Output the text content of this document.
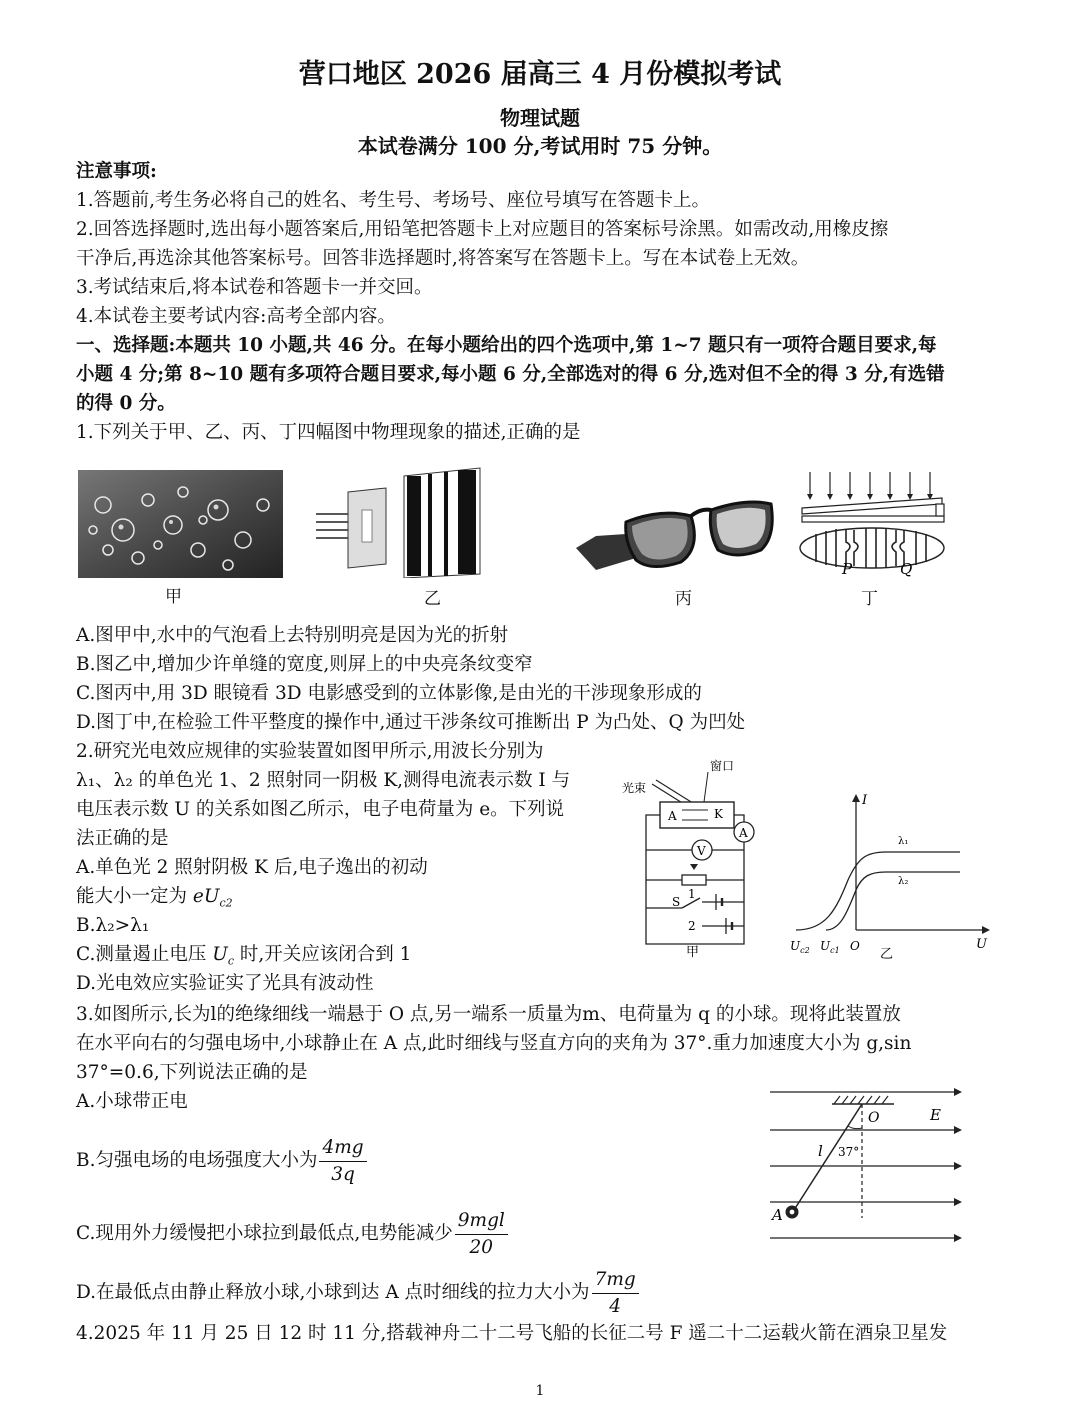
营口地区 2026 届高三 4 月份模拟考试
物理试题
本试卷满分 100 分,考试用时 75 分钟。
注意事项:
1.答题前,考生务必将自己的姓名、考生号、考场号、座位号填写在答题卡上。
2.回答选择题时,选出每小题答案后,用铅笔把答题卡上对应题目的答案标号涂黑。如需改动,用橡皮擦
干净后,再选涂其他答案标号。回答非选择题时,将答案写在答题卡上。写在本试卷上无效。
3.考试结束后,将本试卷和答题卡一并交回。
4.本试卷主要考试内容:高考全部内容。
一、选择题:本题共 10 小题,共 46 分。在每小题给出的四个选项中,第 1~7 题只有一项符合题目要求,每
小题 4 分;第 8~10 题有多项符合题目要求,每小题 6 分,全部选对的得 6 分,选对但不全的得 3 分,有选错
的得 0 分。
1.下列关于甲、乙、丙、丁四幅图中物理现象的描述,正确的是
P	Q
甲	乙	丙	丁
A.图甲中,水中的气泡看上去特别明亮是因为光的折射
B.图乙中,增加少许单缝的宽度,则屏上的中央亮条纹变窄
C.图丙中,用 3D 眼镜看 3D 电影感受到的立体影像,是由光的干涉现象形成的
D.图丁中,在检验工件平整度的操作中,通过干涉条纹可推断出 P 为凸处、Q 为凹处
2.研究光电效应规律的实验装置如图甲所示,用波长分别为
λ₁、λ₂ 的单色光 1、2 照射同一阴极 K,测得电流表示数 I 与
电压表示数 U 的关系如图乙所示，电子电荷量为 e。下列说
法正确的是
A.单色光 2 照射阴极 K 后,电子逸出的初动
能大小一定为 $eU_{c2}$
B.λ₂>λ₁
C.测量遏止电压 $U_c$ 时,开关应该闭合到 1
D.光电效应实验证实了光具有波动性
光束
窗口
A	K
A
V
S
1
2
甲
I
U
O
λ₁
λ₂
$U_{c2}$ $U_{c1}$	乙
3.如图所示,长为l的绝缘细线一端悬于 O 点,另一端系一质量为m、电荷量为 q 的小球。现将此装置放
在水平向右的匀强电场中,小球静止在 A 点,此时细线与竖直方向的夹角为 37°.重力加速度大小为 g,sin
37°=0.6,下列说法正确的是
A.小球带正电
B.匀强电场的电场强度大小为 $\frac{4mg}{3q}$
C.现用外力缓慢把小球拉到最低点,电势能减少 $\frac{\text{9mgl}}{20}$
D.在最低点由静止释放小球,小球到达 A 点时细线的拉力大小为 $\frac{7mg}{4}$
O	E
l 37°
A
4.2025 年 11 月 25 日 12 时 11 分,搭载神舟二十二号飞船的长征二号 F 遥二十二运载火箭在酒泉卫星发
1
